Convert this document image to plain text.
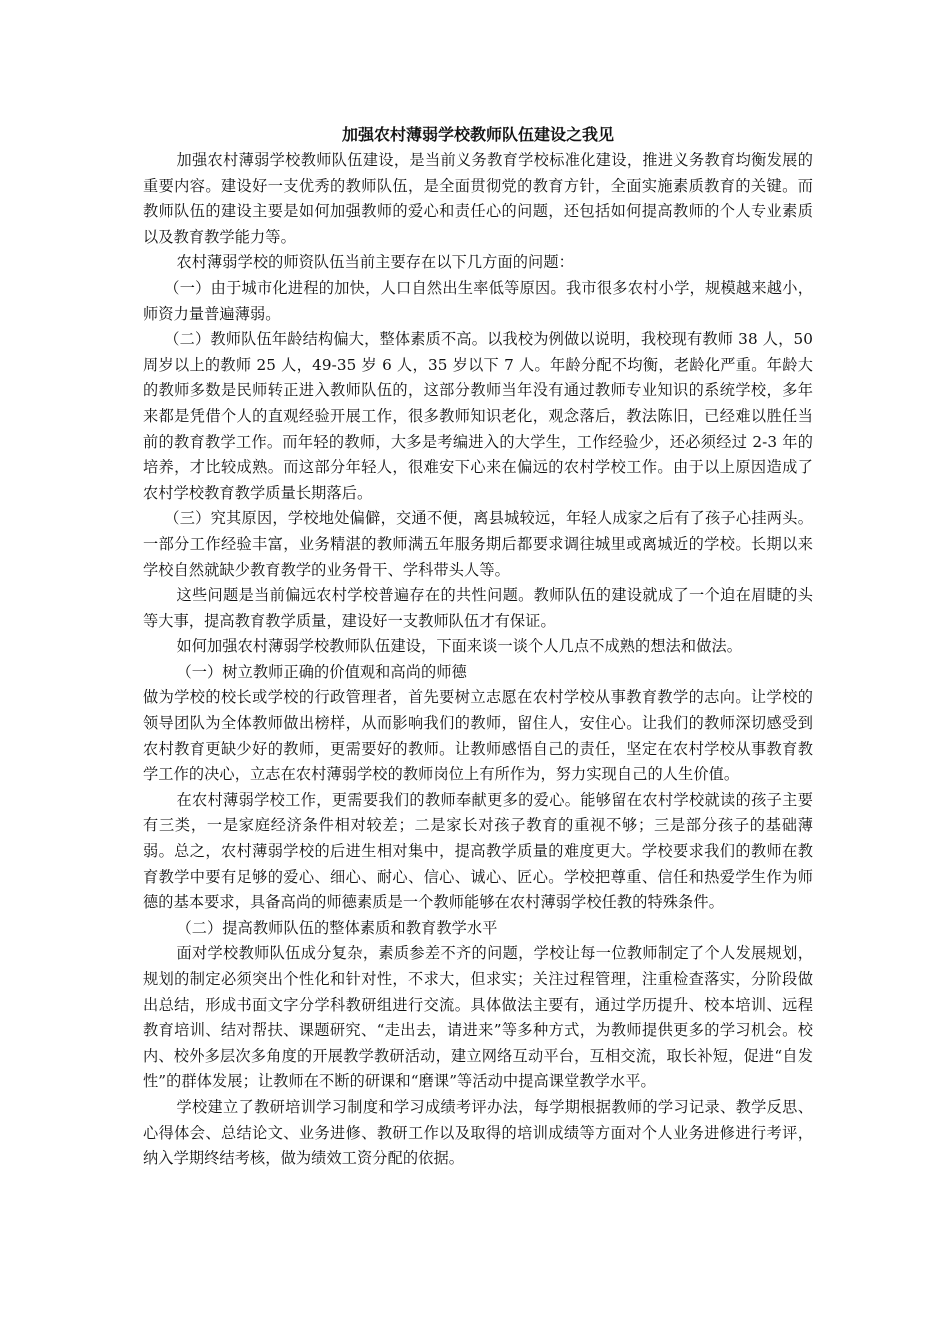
加强农村薄弱学校教师队伍建设之我见

加强农村薄弱学校教师队伍建设，是当前义务教育学校标准化建设，推进义务教育均衡发展的重要内容。建设好一支优秀的教师队伍，是全面贯彻党的教育方针，全面实施素质教育的关键。而教师队伍的建设主要是如何加强教师的爱心和责任心的问题，还包括如何提高教师的个人专业素质以及教育教学能力等。

农村薄弱学校的师资队伍当前主要存在以下几方面的问题：

（一）由于城市化进程的加快，人口自然出生率低等原因。我市很多农村小学，规模越来越小，师资力量普遍薄弱。

（二）教师队伍年龄结构偏大，整体素质不高。以我校为例做以说明，我校现有教师 38 人，50 周岁以上的教师 25 人，49-35 岁 6 人，35 岁以下 7 人。年龄分配不均衡，老龄化严重。年龄大的教师多数是民师转正进入教师队伍的，这部分教师当年没有通过教师专业知识的系统学校，多年来都是凭借个人的直观经验开展工作，很多教师知识老化，观念落后，教法陈旧，已经难以胜任当前的教育教学工作。而年轻的教师，大多是考编进入的大学生，工作经验少，还必须经过 2-3 年的培养，才比较成熟。而这部分年轻人，很难安下心来在偏远的农村学校工作。由于以上原因造成了农村学校教育教学质量长期落后。

（三）究其原因，学校地处偏僻，交通不便，离县城较远，年轻人成家之后有了孩子心挂两头。一部分工作经验丰富，业务精湛的教师满五年服务期后都要求调往城里或离城近的学校。长期以来学校自然就缺少教育教学的业务骨干、学科带头人等。

这些问题是当前偏远农村学校普遍存在的共性问题。教师队伍的建设就成了一个迫在眉睫的头等大事，提高教育教学质量，建设好一支教师队伍才有保证。

如何加强农村薄弱学校教师队伍建设，下面来谈一谈个人几点不成熟的想法和做法。

（一）树立教师正确的价值观和高尚的师德

做为学校的校长或学校的行政管理者，首先要树立志愿在农村学校从事教育教学的志向。让学校的领导团队为全体教师做出榜样，从而影响我们的教师，留住人，安住心。让我们的教师深切感受到农村教育更缺少好的教师，更需要好的教师。让教师感悟自己的责任，坚定在农村学校从事教育教学工作的决心，立志在农村薄弱学校的教师岗位上有所作为，努力实现自己的人生价值。

在农村薄弱学校工作，更需要我们的教师奉献更多的爱心。能够留在农村学校就读的孩子主要有三类，一是家庭经济条件相对较差；二是家长对孩子教育的重视不够；三是部分孩子的基础薄弱。总之，农村薄弱学校的后进生相对集中，提高教学质量的难度更大。学校要求我们的教师在教育教学中要有足够的爱心、细心、耐心、信心、诚心、匠心。学校把尊重、信任和热爱学生作为师德的基本要求，具备高尚的师德素质是一个教师能够在农村薄弱学校任教的特殊条件。

（二）提高教师队伍的整体素质和教育教学水平

面对学校教师队伍成分复杂，素质参差不齐的问题，学校让每一位教师制定了个人发展规划，规划的制定必须突出个性化和针对性，不求大，但求实；关注过程管理，注重检查落实，分阶段做出总结，形成书面文字分学科教研组进行交流。具体做法主要有，通过学历提升、校本培训、远程教育培训、结对帮扶、课题研究、“走出去，请进来”等多种方式，为教师提供更多的学习机会。校内、校外多层次多角度的开展教学教研活动，建立网络互动平台，互相交流，取长补短，促进“自发性”的群体发展；让教师在不断的研课和“磨课”等活动中提高课堂教学水平。

学校建立了教研培训学习制度和学习成绩考评办法，每学期根据教师的学习记录、教学反思、心得体会、总结论文、业务进修、教研工作以及取得的培训成绩等方面对个人业务进修进行考评，纳入学期终结考核，做为绩效工资分配的依据。
